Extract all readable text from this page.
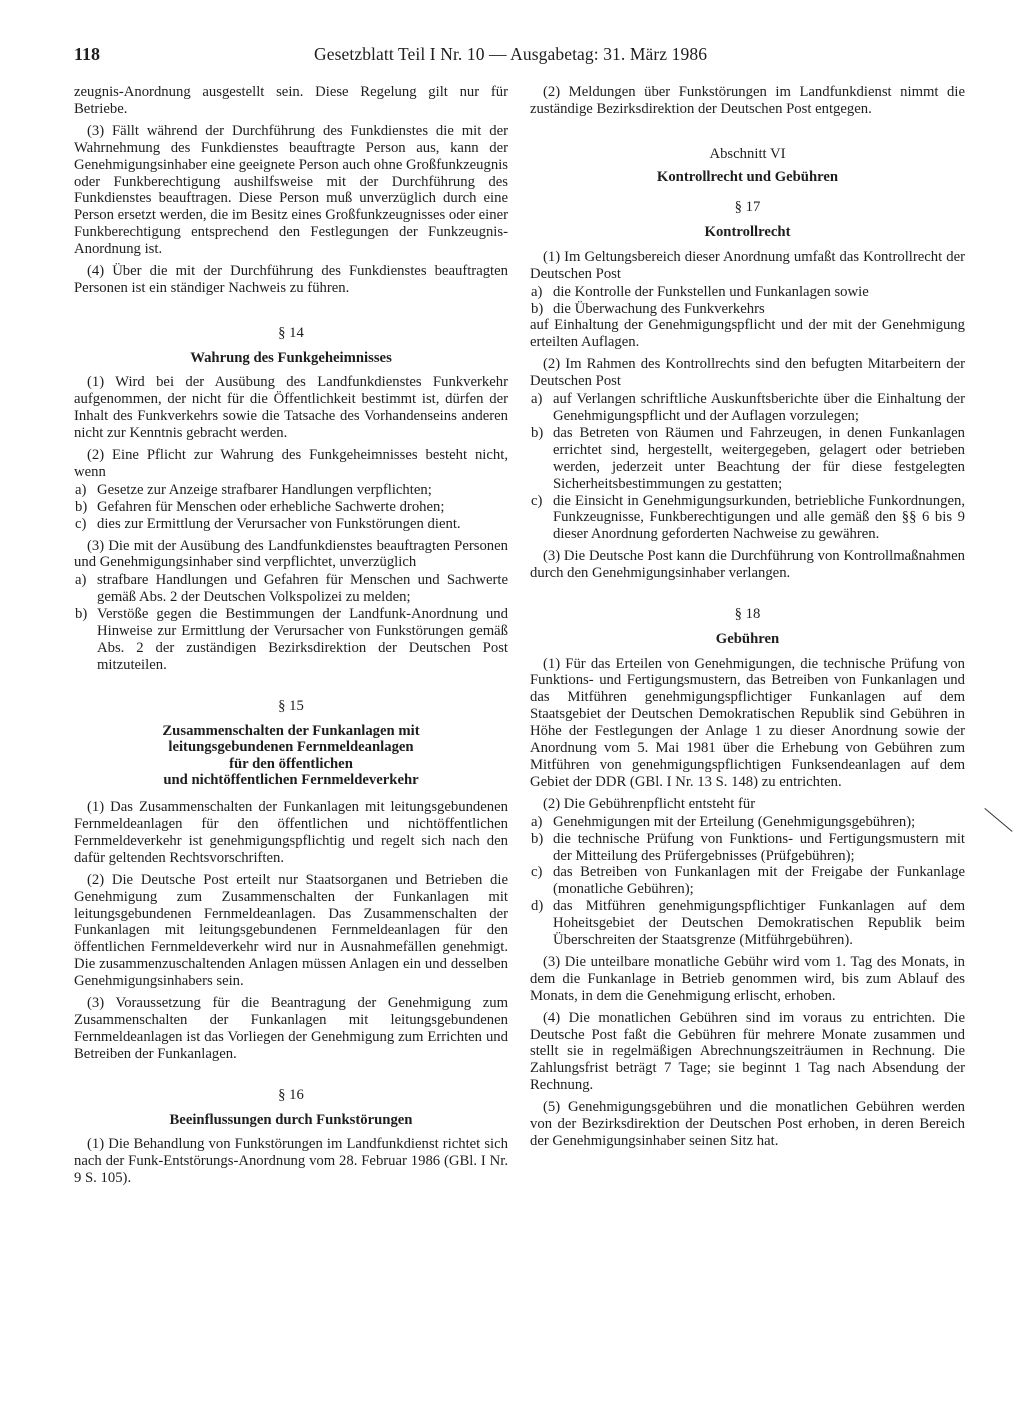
118	Gesetzblatt Teil I Nr. 10 — Ausgabetag: 31. März 1986

zeugnis-Anordnung ausgestellt sein. Diese Regelung gilt nur für Betriebe.

(3) Fällt während der Durchführung des Funkdienstes die mit der Wahrnehmung des Funkdienstes beauftragte Person aus, kann der Genehmigungsinhaber eine geeignete Person auch ohne Großfunkzeugnis oder Funkberechtigung aushilfsweise mit der Durchführung des Funkdienstes beauftragen. Diese Person muß unverzüglich durch eine Person ersetzt werden, die im Besitz eines Großfunkzeugnisses oder einer Funkberechtigung entsprechend den Festlegungen der Funkzeugnis-Anordnung ist.

(4) Über die mit der Durchführung des Funkdienstes beauftragten Personen ist ein ständiger Nachweis zu führen.

§ 14
Wahrung des Funkgeheimnisses

(1) Wird bei der Ausübung des Landfunkdienstes Funkverkehr aufgenommen, der nicht für die Öffentlichkeit bestimmt ist, dürfen der Inhalt des Funkverkehrs sowie die Tatsache des Vorhandenseins anderen nicht zur Kenntnis gebracht werden.

(2) Eine Pflicht zur Wahrung des Funkgeheimnisses besteht nicht, wenn

a) Gesetze zur Anzeige strafbarer Handlungen verpflichten;
b) Gefahren für Menschen oder erhebliche Sachwerte drohen;
c) dies zur Ermittlung der Verursacher von Funkstörungen dient.

(3) Die mit der Ausübung des Landfunkdienstes beauftragten Personen und Genehmigungsinhaber sind verpflichtet, unverzüglich

a) strafbare Handlungen und Gefahren für Menschen und Sachwerte gemäß Abs. 2 der Deutschen Volkspolizei zu melden;
b) Verstöße gegen die Bestimmungen der Landfunk-Anordnung und Hinweise zur Ermittlung der Verursacher von Funkstörungen gemäß Abs. 2 der zuständigen Bezirksdirektion der Deutschen Post mitzuteilen.
§ 15
Zusammenschalten der Funkanlagen mit
leitungsgebundenen Fernmeldeanlagen
für den öffentlichen
und nichtöffentlichen Fernmeldeverkehr

(1) Das Zusammenschalten der Funkanlagen mit leitungsgebundenen Fernmeldeanlagen für den öffentlichen und nichtöffentlichen Fernmeldeverkehr ist genehmigungspflichtig und regelt sich nach den dafür geltenden Rechtsvorschriften.

(2) Die Deutsche Post erteilt nur Staatsorganen und Betrieben die Genehmigung zum Zusammenschalten der Funkanlagen mit leitungsgebundenen Fernmeldeanlagen. Das Zusammenschalten der Funkanlagen mit leitungsgebundenen Fernmeldeanlagen für den öffentlichen Fernmeldeverkehr wird nur in Ausnahmefällen genehmigt. Die zusammenzuschaltenden Anlagen müssen Anlagen ein und desselben Genehmigungsinhabers sein.

(3) Voraussetzung für die Beantragung der Genehmigung zum Zusammenschalten der Funkanlagen mit leitungsgebundenen Fernmeldeanlagen ist das Vorliegen der Genehmigung zum Errichten und Betreiben der Funkanlagen.

§ 16
Beeinflussungen durch Funkstörungen

(1) Die Behandlung von Funkstörungen im Landfunkdienst richtet sich nach der Funk-Entstörungs-Anordnung vom 28. Februar 1986 (GBl. I Nr. 9 S. 105).

(2) Meldungen über Funkstörungen im Landfunkdienst nimmt die zuständige Bezirksdirektion der Deutschen Post entgegen.

Abschnitt VI
Kontrollrecht und Gebühren
§ 17
Kontrollrecht

(1) Im Geltungsbereich dieser Anordnung umfaßt das Kontrollrecht der Deutschen Post

a) die Kontrolle der Funkstellen und Funkanlagen sowie
b) die Überwachung des Funkverkehrs

auf Einhaltung der Genehmigungspflicht und der mit der Genehmigung erteilten Auflagen.

(2) Im Rahmen des Kontrollrechts sind den befugten Mitarbeitern der Deutschen Post

a) auf Verlangen schriftliche Auskunftsberichte über die Einhaltung der Genehmigungspflicht und der Auflagen vorzulegen;
b) das Betreten von Räumen und Fahrzeugen, in denen Funkanlagen errichtet sind, hergestellt, weitergegeben, gelagert oder betrieben werden, jederzeit unter Beachtung der für diese festgelegten Sicherheitsbestimmungen zu gestatten;
c) die Einsicht in Genehmigungsurkunden, betriebliche Funkordnungen, Funkzeugnisse, Funkberechtigungen und alle gemäß den §§ 6 bis 9 dieser Anordnung geforderten Nachweise zu gewähren.

(3) Die Deutsche Post kann die Durchführung von Kontrollmaßnahmen durch den Genehmigungsinhaber verlangen.

§ 18
Gebühren

(1) Für das Erteilen von Genehmigungen, die technische Prüfung von Funktions- und Fertigungsmustern, das Betreiben von Funkanlagen und das Mitführen genehmigungspflichtiger Funkanlagen auf dem Staatsgebiet der Deutschen Demokratischen Republik sind Gebühren in Höhe der Festlegungen der Anlage 1 zu dieser Anordnung sowie der Anordnung vom 5. Mai 1981 über die Erhebung von Gebühren zum Mitführen von genehmigungspflichtigen Funksendeanlagen auf dem Gebiet der DDR (GBl. I Nr. 13 S. 148) zu entrichten.

(2) Die Gebührenpflicht entsteht für

a) Genehmigungen mit der Erteilung (Genehmigungsgebühren);
b) die technische Prüfung von Funktions- und Fertigungsmustern mit der Mitteilung des Prüfergebnisses (Prüfgebühren);
c) das Betreiben von Funkanlagen mit der Freigabe der Funkanlage (monatliche Gebühren);
d) das Mitführen genehmigungspflichtiger Funkanlagen auf dem Hoheitsgebiet der Deutschen Demokratischen Republik beim Überschreiten der Staatsgrenze (Mitführgebühren).

(3) Die unteilbare monatliche Gebühr wird vom 1. Tag des Monats, in dem die Funkanlage in Betrieb genommen wird, bis zum Ablauf des Monats, in dem die Genehmigung erlischt, erhoben.

(4) Die monatlichen Gebühren sind im voraus zu entrichten. Die Deutsche Post faßt die Gebühren für mehrere Monate zusammen und stellt sie in regelmäßigen Abrechnungszeiträumen in Rechnung. Die Zahlungsfrist beträgt 7 Tage; sie beginnt 1 Tag nach Absendung der Rechnung.

(5) Genehmigungsgebühren und die monatlichen Gebühren werden von der Bezirksdirektion der Deutschen Post erhoben, in deren Bereich der Genehmigungsinhaber seinen Sitz hat.
